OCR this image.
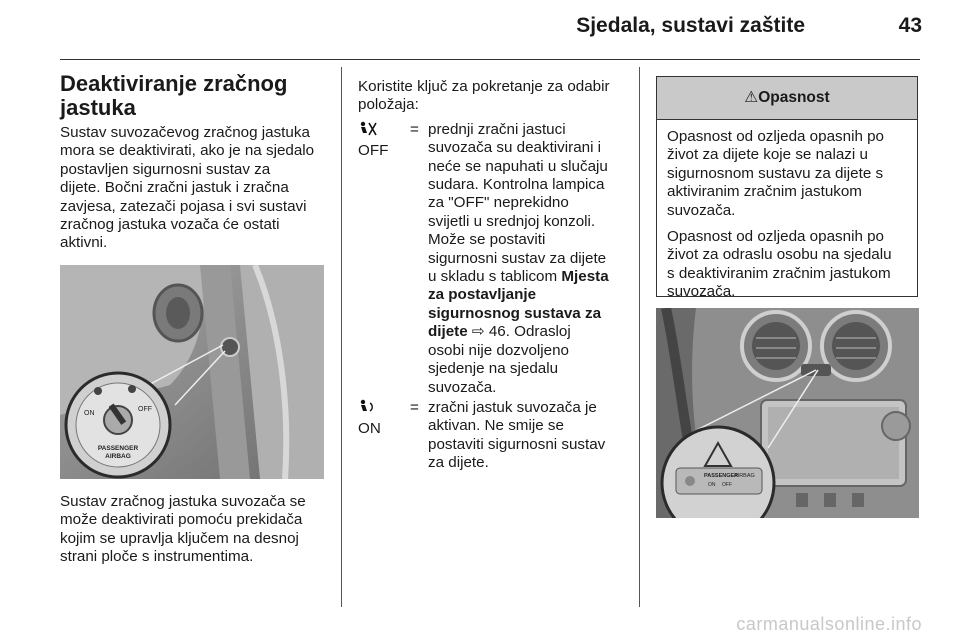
Sjedala, sustavi zaštite	43
Deaktiviranje zračnog
jastuka
Sustav suvozačevog zračnog jastuka
mora se deaktivirati, ako je na sjedalo
postavljen sigurnosni sustav za
dijete. Bočni zračni jastuk i zračna
zavjesa, zatezači pojasa i svi sustavi
zračnog jastuka vozača će ostati
aktivni.
ON
OFF
PASSENGER
AIRBAG
Sustav zračnog jastuka suvozača se
može deaktivirati pomoću prekidača
kojim se upravlja ključem na desnoj
strani ploče s instrumentima.
Koristite ključ za pokretanje za odabir
položaja:

OFF
= prednji zračni jastuci
suvozača su deaktivirani i
neće se napuhati u slučaju
sudara. Kontrolna lampica
za "OFF" neprekidno
svijetli u srednjoj konzoli.
Može se postaviti
sigurnosni sustav za dijete
u skladu s tablicom Mjesta
za postavljanje
sigurnosnog sustava za
dijete ⇨ 46. Odrasloj
osobi nije dozvoljeno
sjedenje na sjedalu
suvozača.

ON
= zračni jastuk suvozača je
aktivan. Ne smije se
postaviti sigurnosni sustav
za dijete.
⚠Opasnost
Opasnost od ozljeda opasnih po
život za dijete koje se nalazi u
sigurnosnom sustavu za dijete s
aktiviranim zračnim jastukom
suvozača.
Opasnost od ozljeda opasnih po
život za odraslu osobu na sjedalu
s deaktiviranim zračnim jastukom
suvozača.
PASSENGER
AIRBAG
ON OFF
carmanualsonline.info
